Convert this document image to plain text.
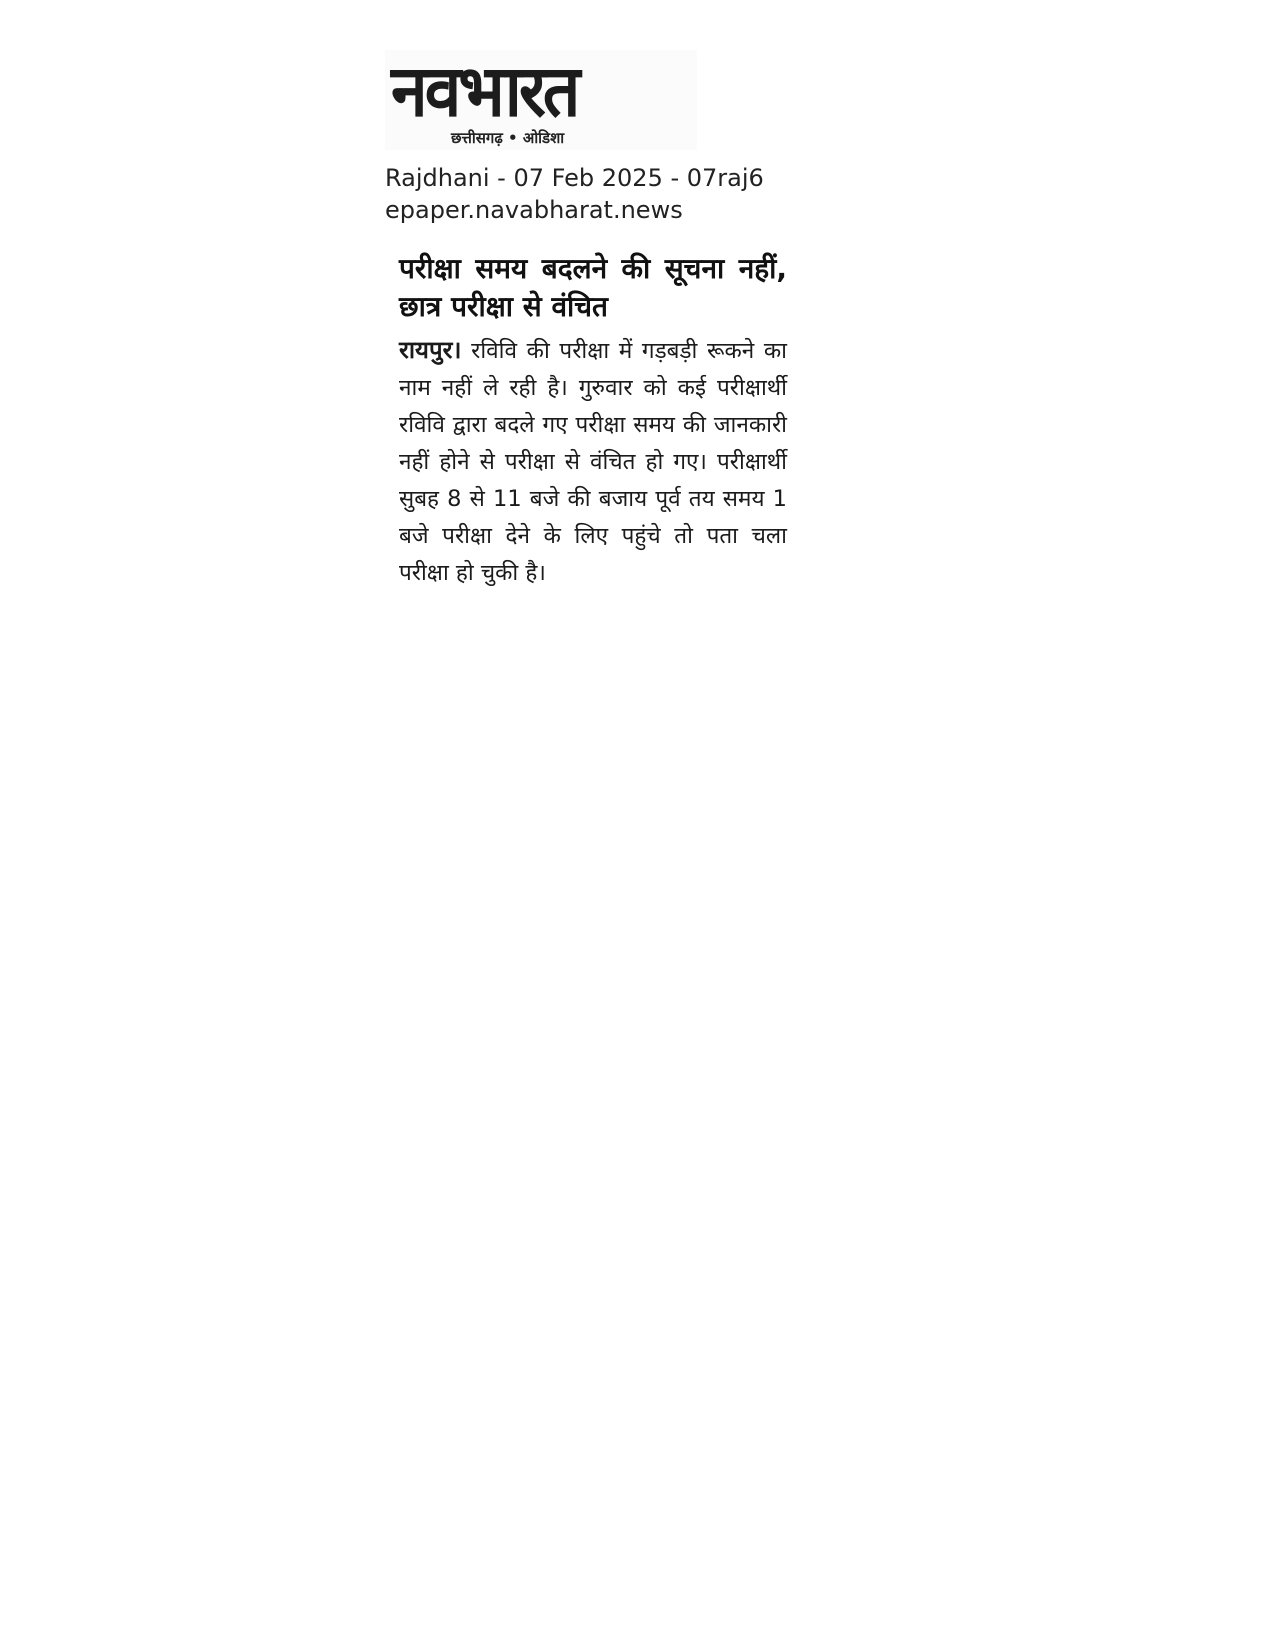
नवभारत
छत्तीसगढ़ • ओडिशा
Rajdhani - 07 Feb 2025 - 07raj6
epaper.navabharat.news
परीक्षा समय बदलने की सूचना नहीं, छात्र परीक्षा से वंचित

रायपुर। रविवि की परीक्षा में गड़बड़ी रूकने का नाम नहीं ले रही है। गुरुवार को कई परीक्षार्थी रविवि द्वारा बदले गए परीक्षा समय की जानकारी नहीं होने से परीक्षा से वंचित हो गए। परीक्षार्थी सुबह 8 से 11 बजे की बजाय पूर्व तय समय 1 बजे परीक्षा देने के लिए पहुंचे तो पता चला परीक्षा हो चुकी है।
